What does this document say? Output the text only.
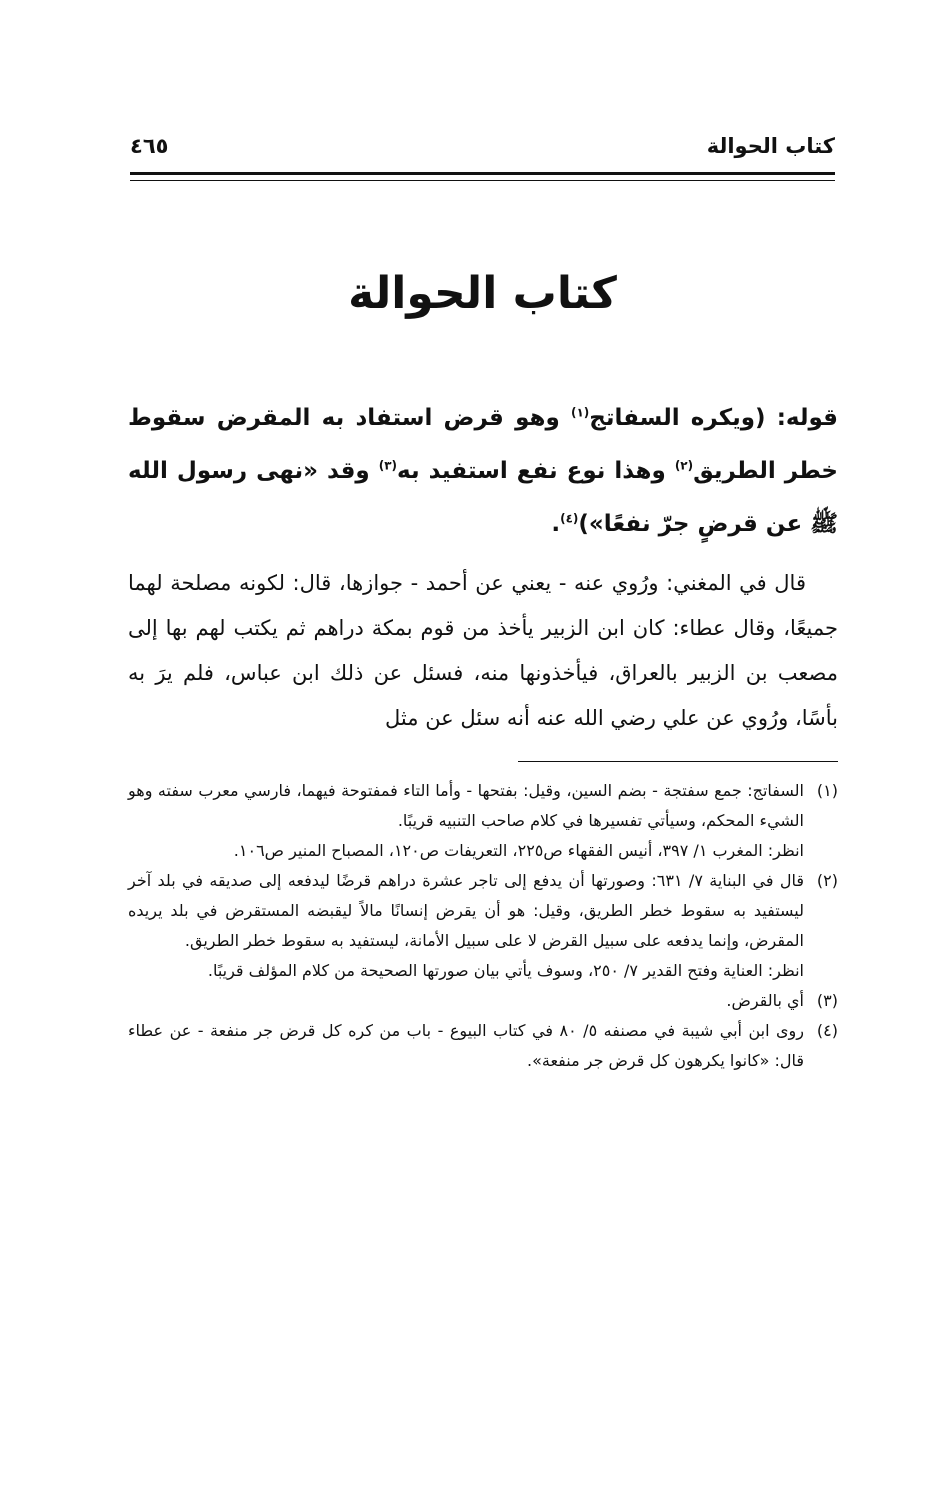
كتاب الحوالة
٤٦٥
كتاب الحوالة
قوله: (ويكره السفاتج$^{(١)}$ وهو قرض استفاد به المقرض سقوط خطر الطريق$^{(٢)}$ وهذا نوع نفع استفيد به$^{(٣)}$ وقد «نهى رسول الله ﷺ عن قرضٍ جرّ نفعًا»)$^{(٤)}$.
قال في المغني: ورُوي عنه - يعني عن أحمد - جوازها، قال: لكونه مصلحة لهما جميعًا، وقال عطاء: كان ابن الزبير يأخذ من قوم بمكة دراهم ثم يكتب لهم بها إلى مصعب بن الزبير بالعراق، فيأخذونها منه، فسئل عن ذلك ابن عباس، فلم يرَ به بأسًا، ورُوي عن علي رضي الله عنه أنه سئل عن مثل
(١)

السفاتج: جمع سفتجة - بضم السين، وقيل: بفتحها - وأما التاء فمفتوحة فيهما، فارسي معرب سفته وهو الشيء المحكم، وسيأتي تفسيرها في كلام صاحب التنبيه قريبًا.

انظر: المغرب ١/ ٣٩٧، أنيس الفقهاء ص٢٢٥، التعريفات ص١٢٠، المصباح المنير ص١٠٦.

(٢)

قال في البناية ٧/ ٦٣١: وصورتها أن يدفع إلى تاجر عشرة دراهم قرضًا ليدفعه إلى صديقه في بلد آخر ليستفيد به سقوط خطر الطريق، وقيل: هو أن يقرض إنسانًا مالاً ليقبضه المستقرض في بلد يريده المقرض، وإنما يدفعه على سبيل القرض لا على سبيل الأمانة، ليستفيد به سقوط خطر الطريق.

انظر: العناية وفتح القدير ٧/ ٢٥٠، وسوف يأتي بيان صورتها الصحيحة من كلام المؤلف قريبًا.

(٣)

أي بالقرض.

(٤)

روى ابن أبي شيبة في مصنفه ٥/ ٨٠ في كتاب البيوع - باب من كره كل قرض جر منفعة - عن عطاء قال: «كانوا يكرهون كل قرض جر منفعة».
